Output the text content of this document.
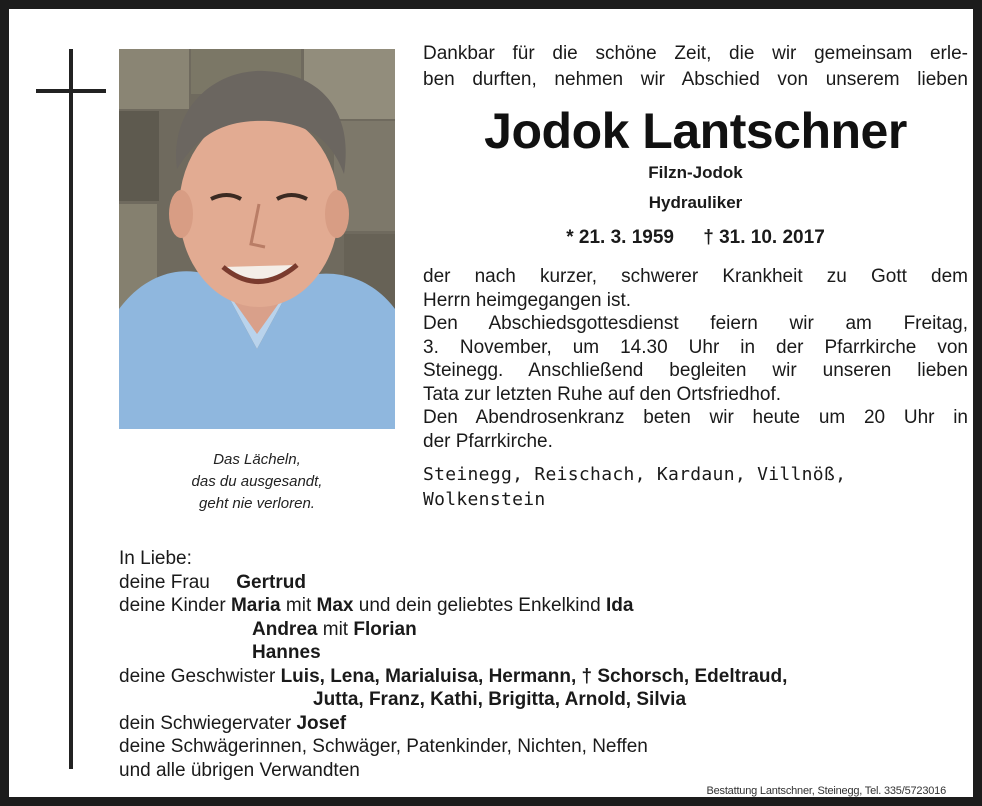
Das Lächeln,
das du ausgesandt,
geht nie verloren.
Dankbar für die schöne Zeit, die wir gemeinsam erle-
ben durften, nehmen wir Abschied von unserem lieben
Jodok Lantschner
Filzn-Jodok
Hydrauliker
* 21. 3. 1959 † 31. 10. 2017
der nach kurzer, schwerer Krankheit zu Gott dem
Herrn heimgegangen ist.
Den Abschiedsgottesdienst feiern wir am Freitag,
3. November, um 14.30 Uhr in der Pfarrkirche von
Steinegg. Anschließend begleiten wir unseren lieben
Tata zur letzten Ruhe auf den Ortsfriedhof.
Den Abendrosenkranz beten wir heute um 20 Uhr in
der Pfarrkirche.
Steinegg, Reischach, Kardaun, Villnöß,
Wolkenstein
In Liebe:
deine Frau Gertrud
deine Kinder Maria mit Max und dein geliebtes Enkelkind Ida
Andrea mit Florian
Hannes
deine Geschwister Luis, Lena, Marialuisa, Hermann, † Schorsch, Edeltraud,
Jutta, Franz, Kathi, Brigitta, Arnold, Silvia
dein Schwiegervater Josef
deine Schwägerinnen, Schwäger, Patenkinder, Nichten, Neffen
und alle übrigen Verwandten
Bestattung Lantschner, Steinegg, Tel. 335/5723016
